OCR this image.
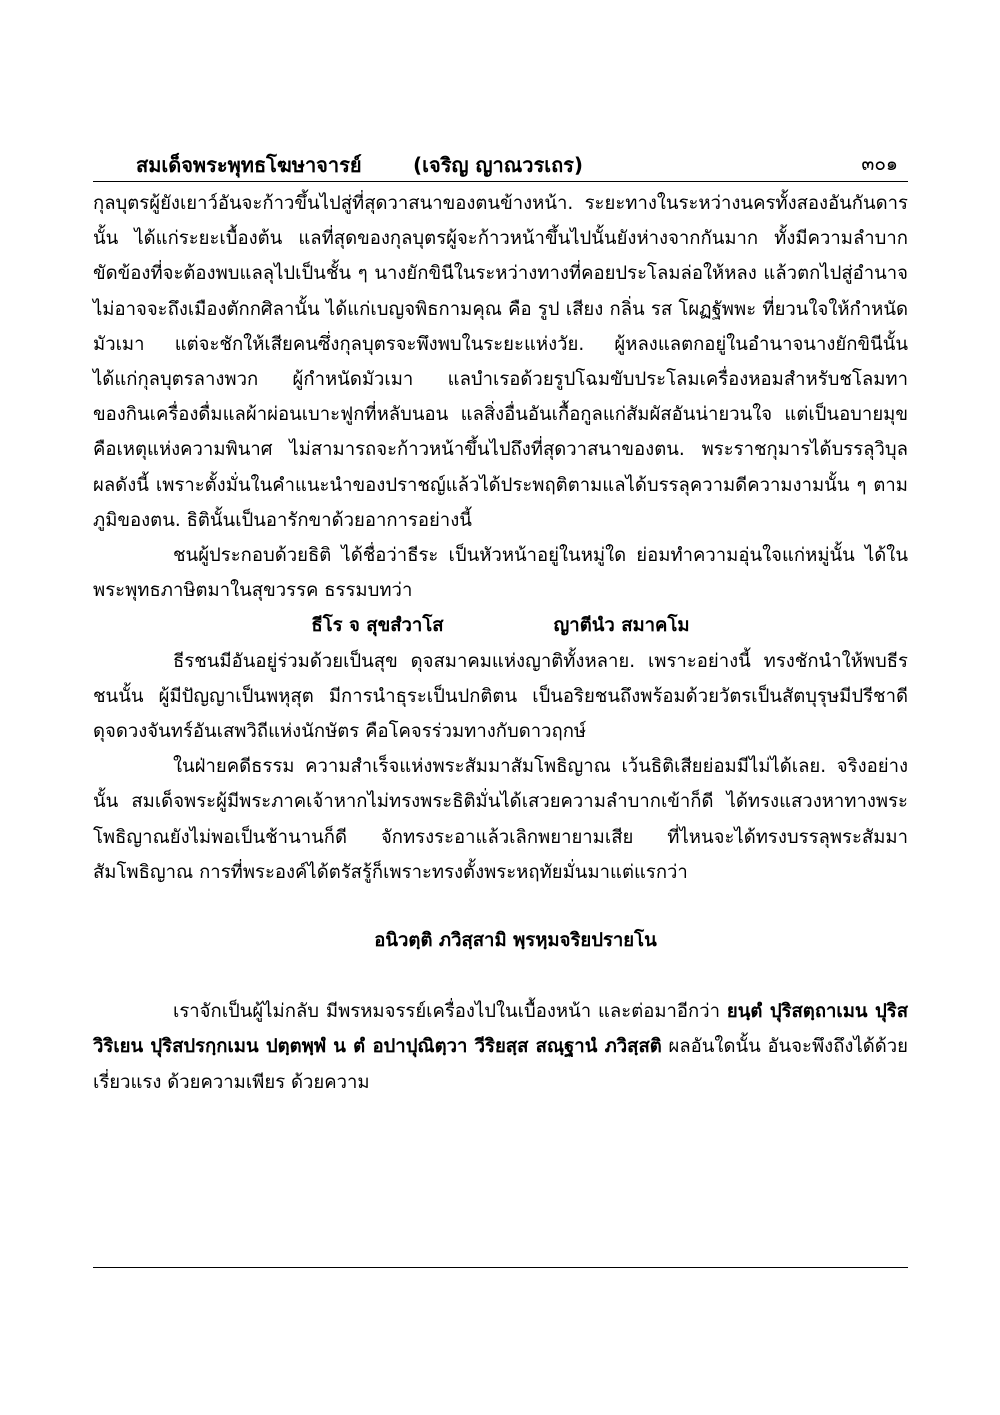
สมเด็จพระพุทธโฆษาจารย์	(เจริญ ญาณวรเถร)	๓๐๑

กุลบุตรผู้ยังเยาว์อันจะก้าวขึ้นไปสู่ที่สุดวาสนาของตนข้างหน้า. ระยะทางในระหว่างนครทั้งสองอันกันดารนั้น ได้แก่ระยะเบื้องต้น แลที่สุดของกุลบุตรผู้จะก้าวหน้าขึ้นไปนั้นยังห่างจากกันมาก ทั้งมีความลำบากขัดข้องที่จะต้องพบแลลุไปเป็นชั้น ๆ นางยักขินีในระหว่างทางที่คอยประโลมล่อให้หลง แล้วตกไปสู่อำนาจไม่อาจจะถึงเมืองตักกศิลานั้น ได้แก่เบญจพิธกามคุณ คือ รูป เสียง กลิ่น รส โผฏฐัพพะ ที่ยวนใจให้กำหนัดมัวเมา แต่จะชักให้เสียคนซึ่งกุลบุตรจะพึงพบในระยะแห่งวัย. ผู้หลงแลตกอยู่ในอำนาจนางยักขินีนั้น ได้แก่กุลบุตรลางพวก ผู้กำหนัดมัวเมา แลบำเรอด้วยรูปโฉมขับประโลมเครื่องหอมสำหรับชโลมทา ของกินเครื่องดื่มแลผ้าผ่อนเบาะฟูกที่หลับนอน แลสิ่งอื่นอันเกื้อกูลแก่สัมผัสอันน่ายวนใจ แต่เป็นอบายมุข คือเหตุแห่งความพินาศ ไม่สามารถจะก้าวหน้าขึ้นไปถึงที่สุดวาสนาของตน. พระราชกุมารได้บรรลุวิบุลผลดังนี้ เพราะตั้งมั่นในคำแนะนำของปราชญ์แล้วได้ประพฤติตามแลได้บรรลุความดีความงามนั้น ๆ ตามภูมิของตน. ธิตินั้นเป็นอารักขาด้วยอาการอย่างนี้

ชนผู้ประกอบด้วยธิติ ได้ชื่อว่าธีระ เป็นหัวหน้าอยู่ในหมู่ใด ย่อมทำความอุ่นใจแก่หมู่นั้น ได้ในพระพุทธภาษิตมาในสุขวรรค ธรรมบทว่า

ธีโร จ สุขสํวาโส	ญาตีนํว สมาคโม

ธีรชนมีอันอยู่ร่วมด้วยเป็นสุข ดุจสมาคมแห่งญาติทั้งหลาย. เพราะอย่างนี้ ทรงชักนำให้พบธีรชนนั้น ผู้มีปัญญาเป็นพหุสุต มีการนำธุระเป็นปกติตน เป็นอริยชนถึงพร้อมด้วยวัตรเป็นสัตบุรุษมีปรีชาดี ดุจดวงจันทร์อันเสพวิถีแห่งนักษัตร คือโคจรร่วมทางกับดาวฤกษ์

ในฝ่ายคดีธรรม ความสำเร็จแห่งพระสัมมาสัมโพธิญาณ เว้นธิติเสียย่อมมีไม่ได้เลย. จริงอย่างนั้น สมเด็จพระผู้มีพระภาคเจ้าหากไม่ทรงพระธิติมั่นได้เสวยความลำบากเข้าก็ดี ได้ทรงแสวงหาทางพระโพธิญาณยังไม่พอเป็นช้านานก็ดี จักทรงระอาแล้วเลิกพยายามเสีย ที่ไหนจะได้ทรงบรรลุพระสัมมาสัมโพธิญาณ การที่พระองค์ได้ตรัสรู้ก็เพราะทรงตั้งพระหฤทัยมั่นมาแต่แรกว่า

อนิวตฺติ ภวิสฺสามิ พฺรหฺมจริยปรายโน

เราจักเป็นผู้ไม่กลับ มีพรหมจรรย์เครื่องไปในเบื้องหน้า และต่อมาอีกว่า ยนฺตํ ปุริสตฺถาเมน ปุริสวิริเยน ปุริสปรกฺกเมน ปตฺตพฺพํ น ตํ อปาปุณิตฺวา วีริยสฺส สณฺฐานํ ภวิสฺสติ ผลอันใดนั้น อันจะพึงถึงได้ด้วยเรี่ยวแรง ด้วยความเพียร ด้วยความ
